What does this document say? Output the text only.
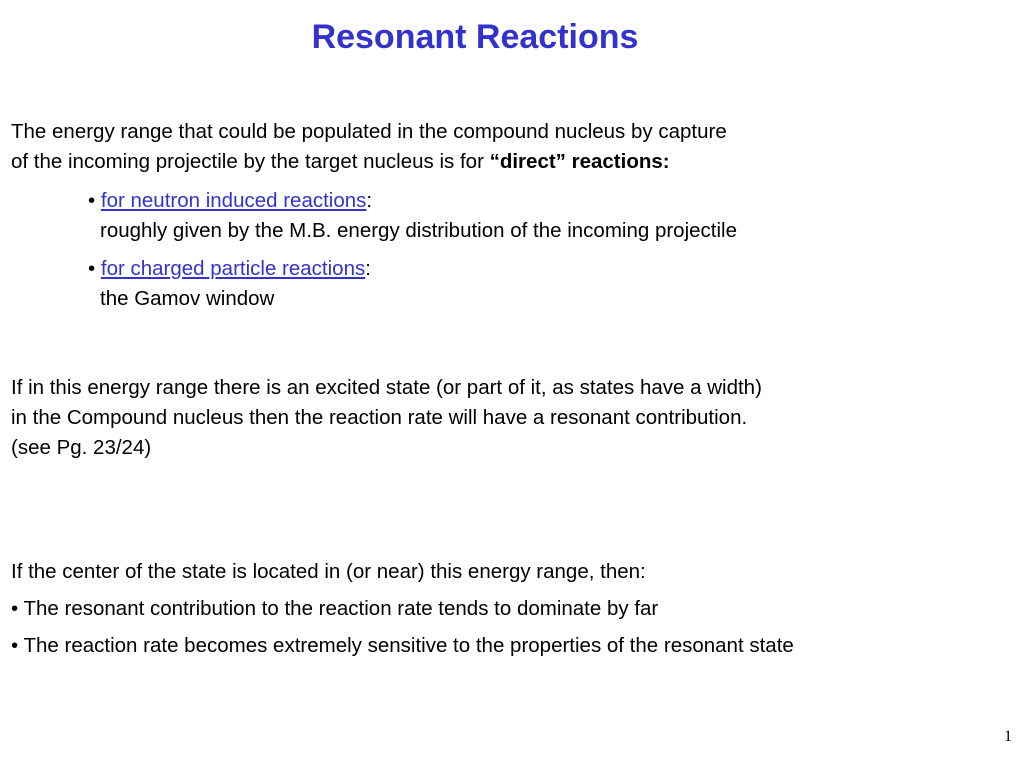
Resonant Reactions
The energy range that could be populated in the compound nucleus by capture
of the incoming projectile by the target nucleus is for “direct” reactions:
• for neutron induced reactions:
roughly given by the M.B. energy distribution of the incoming projectile
• for charged particle reactions:
the Gamov window
If in this energy range there is an excited state (or part of it, as states have a width)
in the Compound nucleus then the reaction rate will have a resonant contribution.
(see Pg. 23/24)
If the center of the state is located in (or near) this energy range, then:
• The resonant contribution to the reaction rate tends to dominate by far
• The reaction rate becomes extremely sensitive to the properties of the resonant state
1
